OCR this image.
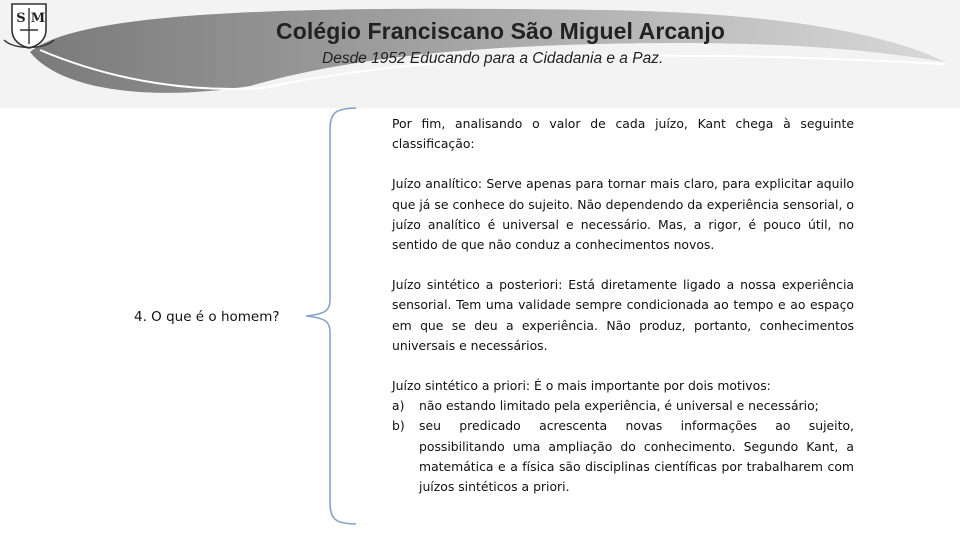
S M	Colégio Franciscano São Miguel Arcanjo
Desde 1952 Educando para a Cidadania e a Paz.
4. O que é o homem?

Por fim, analisando o valor de cada juízo, Kant chega à seguinte classificação:

Juízo analítico: Serve apenas para tornar mais claro, para explicitar aquilo que já se conhece do sujeito. Não dependendo da experiência sensorial, o juízo analítico é universal e necessário. Mas, a rigor, é pouco útil, no sentido de que não conduz a conhecimentos novos.

Juízo sintético a posteriori: Está diretamente ligado a nossa experiência sensorial. Tem uma validade sempre condicionada ao tempo e ao espaço em que se deu a experiência. Não produz, portanto, conhecimentos universais e necessários.

Juízo sintético a priori: É o mais importante por dois motivos:

a)	não estando limitado pela experiência, é universal e necessário;
b)	seu predicado acrescenta novas informações ao sujeito, possibilitando uma ampliação do conhecimento. Segundo Kant, a matemática e a física são disciplinas científicas por trabalharem com juízos sintéticos a priori.
